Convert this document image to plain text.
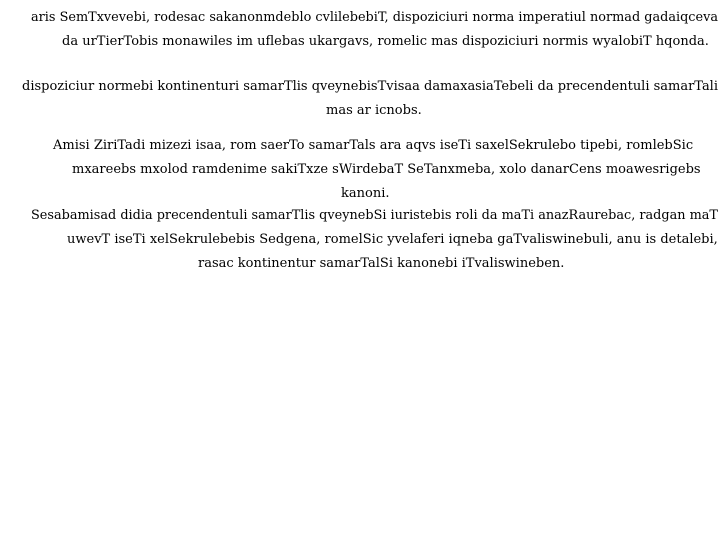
aris SemTxvevebi, rodesac sakanonmdeblo cvlilebebiT, dispoziciuri norma imperatiul normad gadaiqceva
da urTierTobis monawiles im uflebas ukargavs, romelic mas dispoziciuri normis wyalobiT hqonda.

dispoziciur normebi kontinenturi samarTlis qveynebisTvisaa damaxasiaTebeli da precendentuli samarTali
mas ar icnobs.

Amisi ZiriTadi mizezi isaa, rom saerTo samarTals ara aqvs iseTi saxelSekrulebo tipebi, romlebSic
mxareebs mxolod ramdenime sakiTxze sWirdebaT SeTanxmeba, xolo danarCens moawesrigebs
kanoni.

Sesabamisad didia precendentuli samarTlis qveynebSi iuristebis roli da maTi anazRaurebac, radgan maT
uwevT iseTi xelSekrulebebis Sedgena, romelSic yvelaferi iqneba gaTvaliswinebuli, anu is detalebi,
rasac kontinentur samarTalSi kanonebi iTvaliswineben.
